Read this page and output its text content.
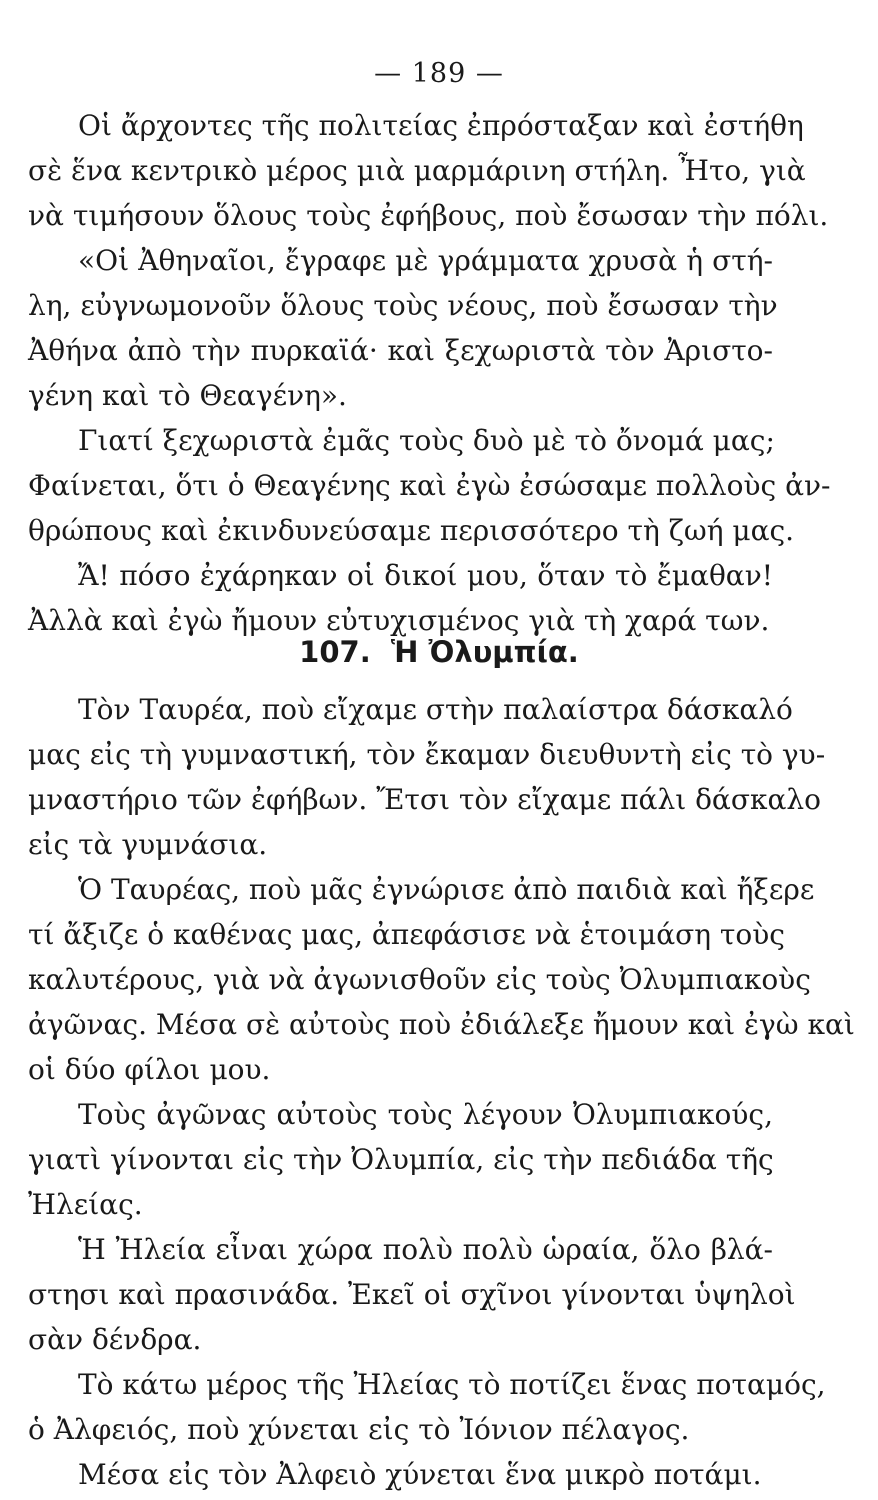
— 189 —
Οἱ ἄρχοντες τῆς πολιτείας ἐπρόσταξαν καὶ ἐστήθη
σὲ ἕνα κεντρικὸ μέρος μιὰ μαρμάρινη στήλη. Ἦτο, γιὰ
νὰ τιμήσουν ὅλους τοὺς ἐφήβους, ποὺ ἔσωσαν τὴν πόλι.
«Οἱ Ἀθηναῖοι, ἔγραφε μὲ γράμματα χρυσὰ ἡ στή-
λη, εὐγνωμονοῦν ὅλους τοὺς νέους, ποὺ ἔσωσαν τὴν
Ἀθήνα ἀπὸ τὴν πυρκαϊά· καὶ ξεχωριστὰ τὸν Ἀριστο-
γένη καὶ τὸ Θεαγένη».
Γιατί ξεχωριστὰ ἐμᾶς τοὺς δυὸ μὲ τὸ ὄνομά μας;
Φαίνεται, ὅτι ὁ Θεαγένης καὶ ἐγὼ ἐσώσαμε πολλοὺς ἀν-
θρώπους καὶ ἐκινδυνεύσαμε περισσότερο τὴ ζωή μας.
Ἄ! πόσο ἐχάρηκαν οἱ δικοί μου, ὅταν τὸ ἔμαθαν!
Ἀλλὰ καὶ ἐγὼ ἤμουν εὐτυχισμένος γιὰ τὴ χαρά των.
107. Ἡ Ὀλυμπία.
Τὸν Ταυρέα, ποὺ εἴχαμε στὴν παλαίστρα δάσκαλό
μας εἰς τὴ γυμναστική, τὸν ἔκαμαν διευθυντὴ εἰς τὸ γυ-
μναστήριο τῶν ἐφήβων. Ἔτσι τὸν εἴχαμε πάλι δάσκαλο
εἰς τὰ γυμνάσια.
Ὁ Ταυρέας, ποὺ μᾶς ἐγνώρισε ἀπὸ παιδιὰ καὶ ἤξερε
τί ἄξιζε ὁ καθένας μας, ἀπεφάσισε νὰ ἑτοιμάση τοὺς
καλυτέρους, γιὰ νὰ ἀγωνισθοῦν εἰς τοὺς Ὀλυμπιακοὺς
ἀγῶνας. Μέσα σὲ αὐτοὺς ποὺ ἐδιάλεξε ἤμουν καὶ ἐγὼ καὶ
οἱ δύο φίλοι μου.
Τοὺς ἀγῶνας αὐτοὺς τοὺς λέγουν Ὀλυμπιακούς,
γιατὶ γίνονται εἰς τὴν Ὀλυμπία, εἰς τὴν πεδιάδα τῆς
Ἠλείας.
Ἡ Ἠλεία εἶναι χώρα πολὺ πολὺ ὡραία, ὅλο βλά-
στησι καὶ πρασινάδα. Ἐκεῖ οἱ σχῖνοι γίνονται ὑψηλοὶ
σὰν δένδρα.
Τὸ κάτω μέρος τῆς Ἠλείας τὸ ποτίζει ἕνας ποταμός,
ὁ Ἀλφειός, ποὺ χύνεται εἰς τὸ Ἰόνιον πέλαγος.
Μέσα εἰς τὸν Ἀλφειὸ χύνεται ἕνα μικρὸ ποτάμι.
